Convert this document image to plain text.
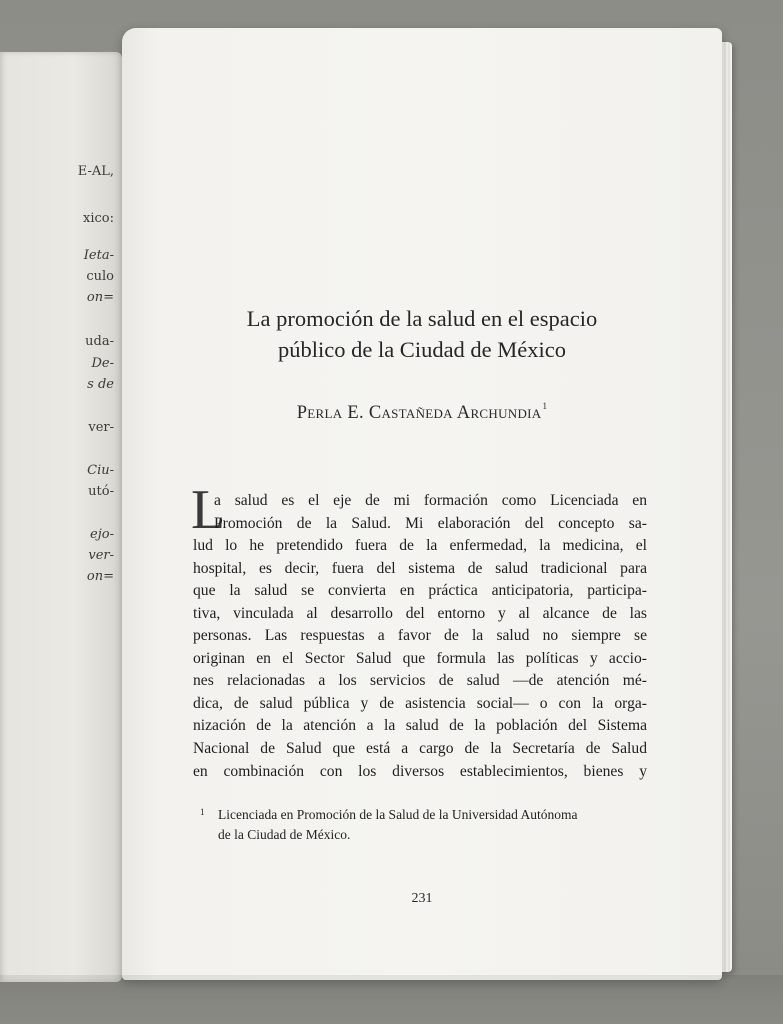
E-AL,
xico:
Ieta-
culo
on=
uda-
De-
s de
ver-
Ciu-
utó-
ejo-
ver-
on=
La promoción de la salud en el espacio
público de la Ciudad de México
Perla E. Castañeda Archundia$^1$
L
a salud es el eje de mi formación como Licenciada en
Promoción de la Salud. Mi elaboración del concepto sa-
lud lo he pretendido fuera de la enfermedad, la medicina, el
hospital, es decir, fuera del sistema de salud tradicional para
que la salud se convierta en práctica anticipatoria, participa-
tiva, vinculada al desarrollo del entorno y al alcance de las
personas. Las respuestas a favor de la salud no siempre se
originan en el Sector Salud que formula las políticas y accio-
nes relacionadas a los servicios de salud —de atención mé-
dica, de salud pública y de asistencia social— o con la orga-
nización de la atención a la salud de la población del Sistema
Nacional de Salud que está a cargo de la Secretaría de Salud
en combinación con los diversos establecimientos, bienes y
1 Licenciada en Promoción de la Salud de la Universidad Autónoma
de la Ciudad de México.
231
